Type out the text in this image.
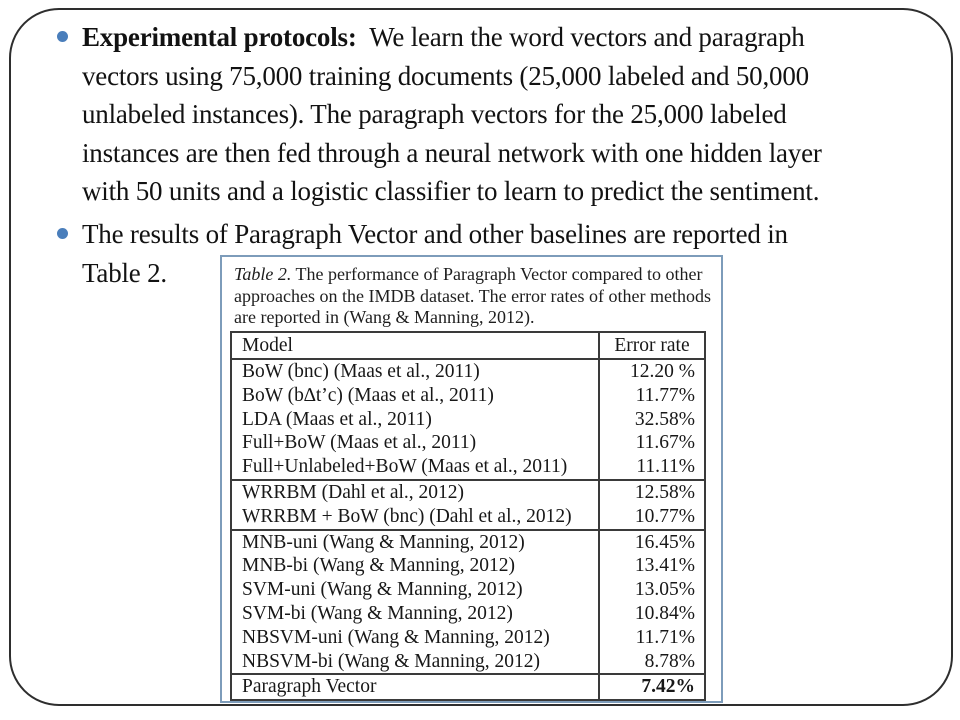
Experimental protocols:  We learn the word vectors and paragraph
vectors using 75,000 training documents (25,000 labeled and 50,000
unlabeled instances). The paragraph vectors for the 25,000 labeled
instances are then fed through a neural network with one hidden layer
with 50 units and a logistic classifier to learn to predict the sentiment.
The results of Paragraph Vector and other baselines are reported in
Table 2.	Table 2. The performance of Paragraph Vector compared to other approaches on the IMDB dataset. The error rates of other methods are reported in (Wang & Manning, 2012).
Model	Error rate
BoW (bnc) (Maas et al., 2011)	12.20 %
BoW (b∆t’c) (Maas et al., 2011)	11.77%
LDA (Maas et al., 2011)	32.58%
Full+BoW (Maas et al., 2011)	11.67%
Full+Unlabeled+BoW (Maas et al., 2011)	11.11%
WRRBM (Dahl et al., 2012)	12.58%
WRRBM + BoW (bnc) (Dahl et al., 2012)	10.77%
MNB-uni (Wang & Manning, 2012)	16.45%
MNB-bi (Wang & Manning, 2012)	13.41%
SVM-uni (Wang & Manning, 2012)	13.05%
SVM-bi (Wang & Manning, 2012)	10.84%
NBSVM-uni (Wang & Manning, 2012)	11.71%
NBSVM-bi (Wang & Manning, 2012)	8.78%
Paragraph Vector	7.42%
